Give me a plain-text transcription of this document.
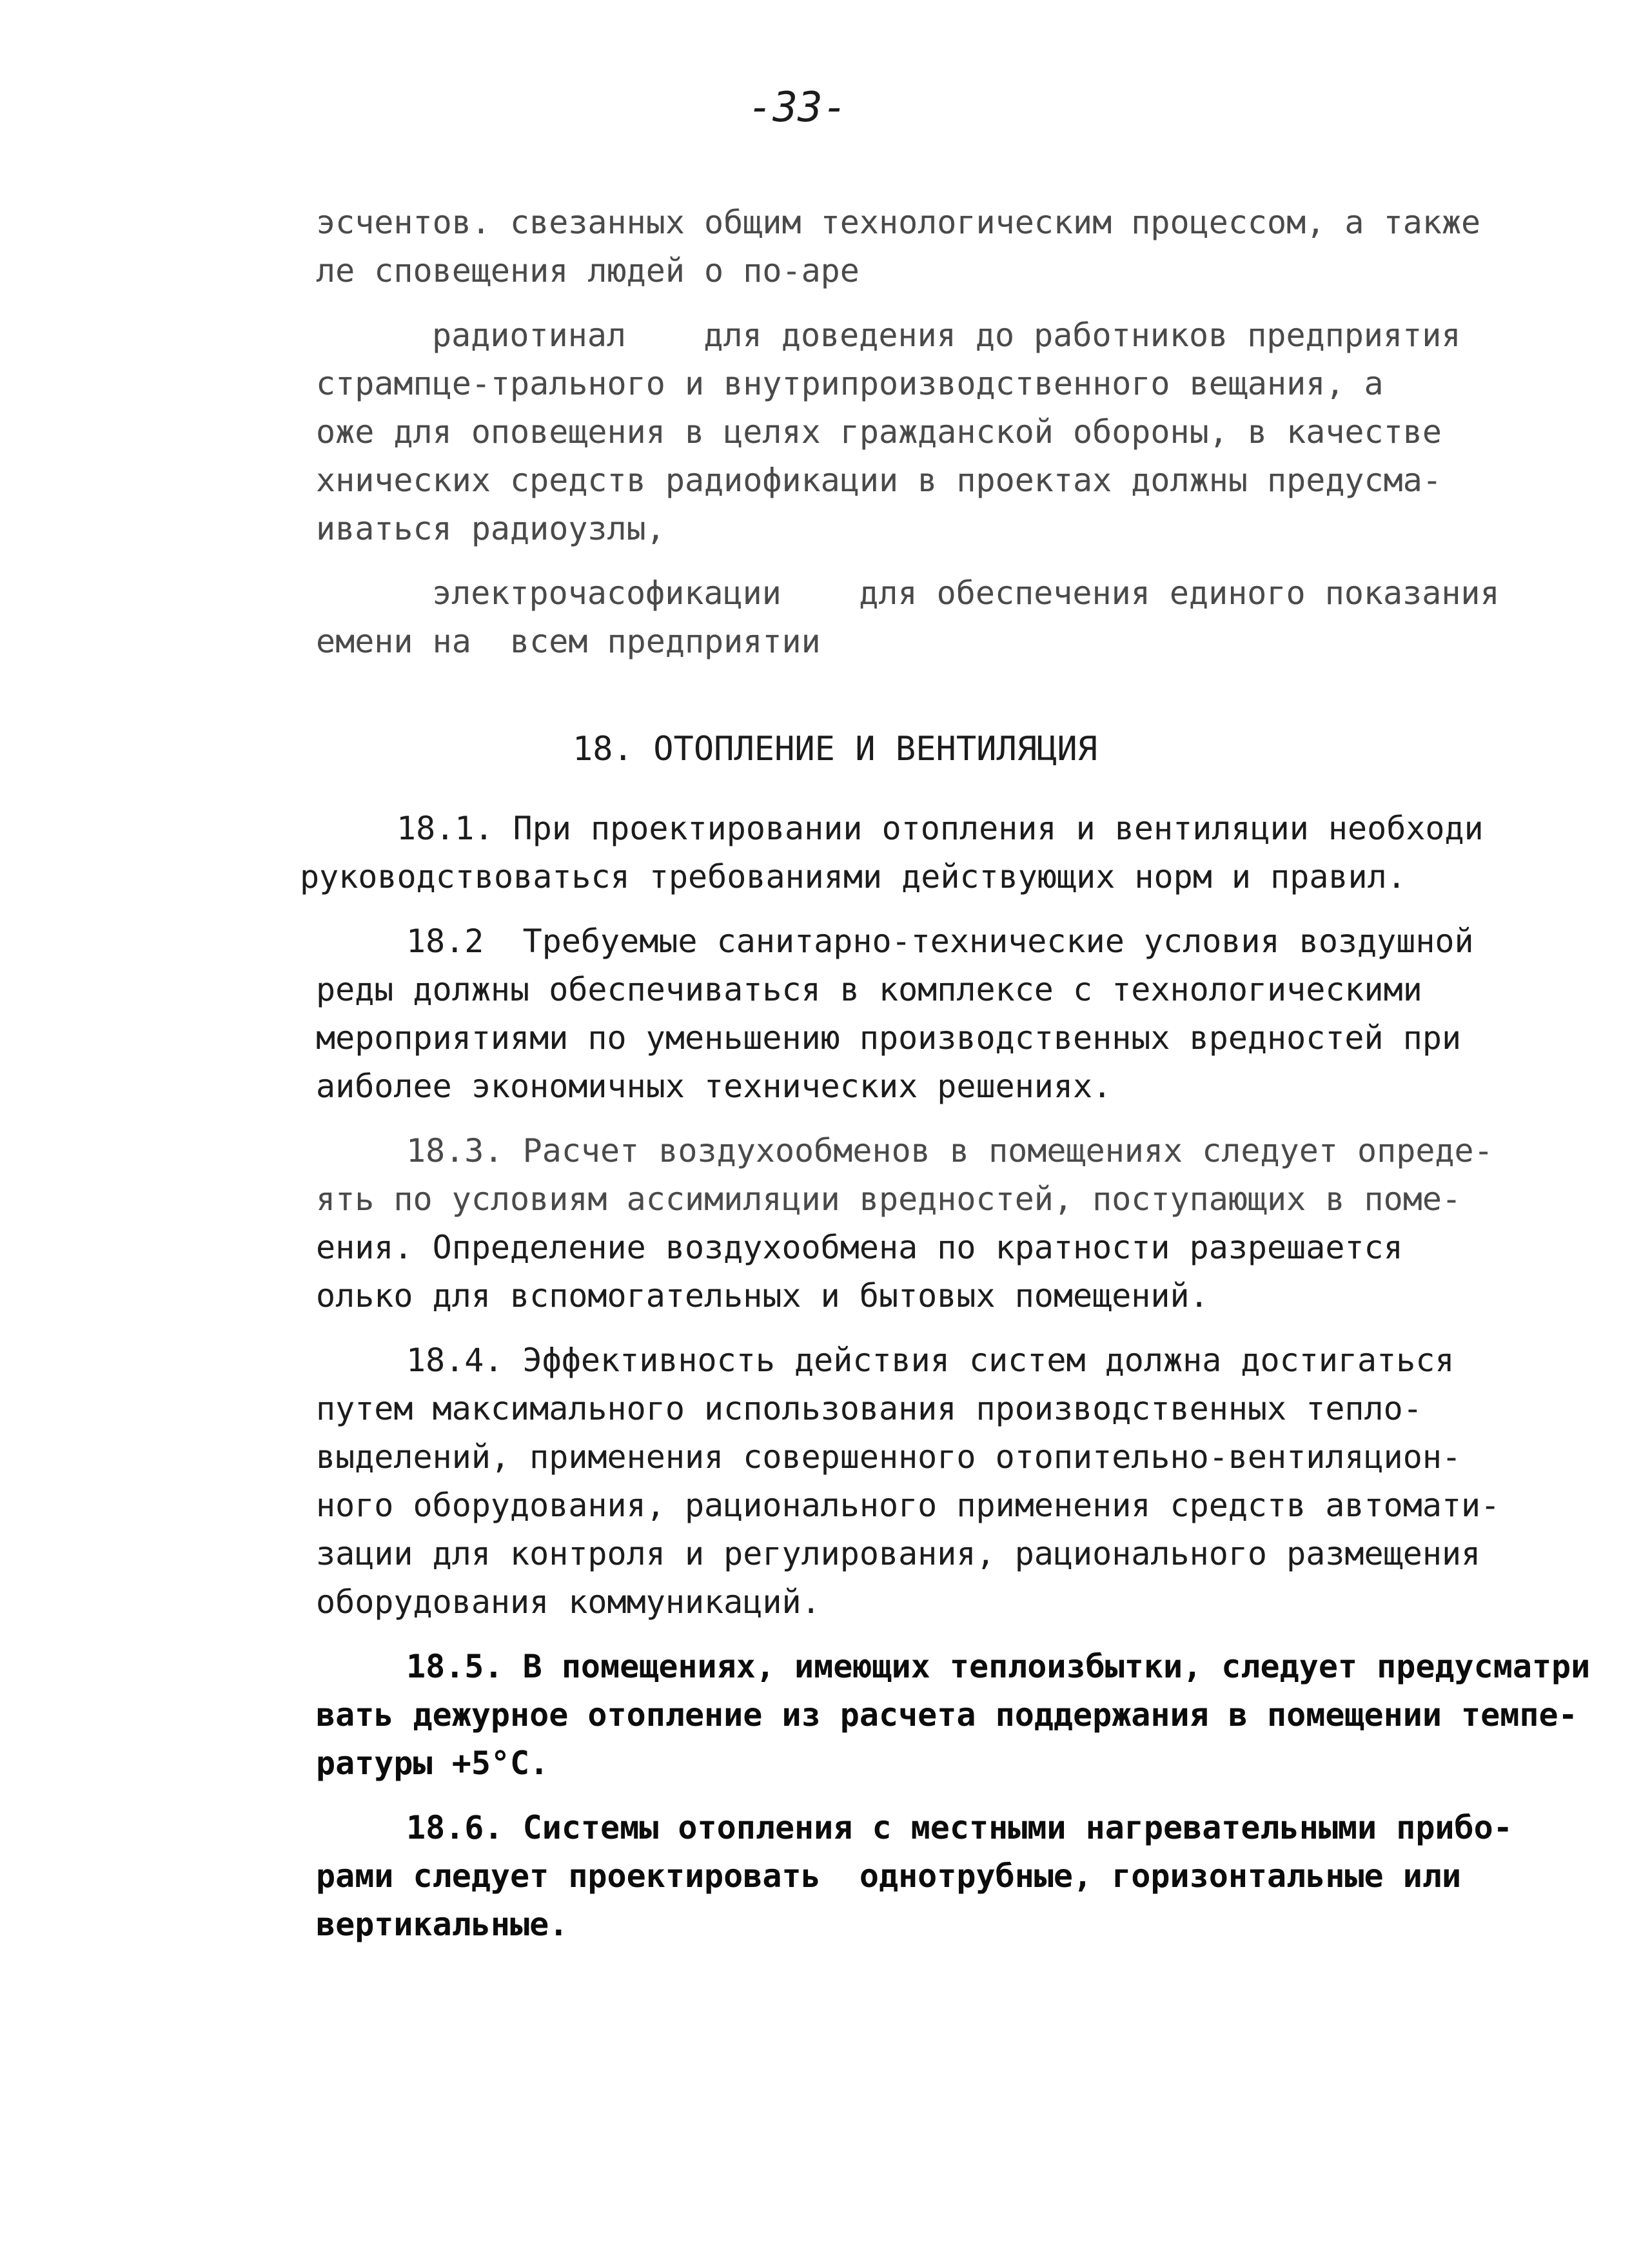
-33-
18. ОТОПЛЕНИЕ И ВЕНТИЛЯЦИЯ
эсчентов. свезанных общим технологическим процессом, а также
ле сповещения людей о по-аре
радиотинал    для доведения до работников предприятия
стрампце-трального и внутрипроизводственного вещания, а
оже для оповещения в целях гражданской обороны, в качестве
хнических средств радиофикации в проектах должны предусма-
иваться радиоузлы,
электрочасофикации    для обеспечения единого показания
емени на  всем предприятии
18.1. При проектировании отопления и вентиляции необходи
руководствоваться требованиями действующих норм и правил.
18.2  Требуемые санитарно-технические условия воздушной
реды должны обеспечиваться в комплексе с технологическими
мероприятиями по уменьшению производственных вредностей при
аиболее экономичных технических решениях.
18.3. Расчет воздухообменов в помещениях следует опреде-
ять по условиям ассимиляции вредностей, поступающих в поме-
ения. Определение воздухообмена по кратности разрешается
олько для вспомогательных и бытовых помещений.
18.4. Эффективность действия систем должна достигаться
путем максимального использования производственных тепло-
выделений, применения совершенного отопительно-вентиляцион-
ного оборудования, рационального применения средств автомати-
зации для контроля и регулирования, рационального размещения
оборудования коммуникаций.
18.5. В помещениях, имеющих теплоизбытки, следует предусматри
вать дежурное отопление из расчета поддержания в помещении темпе-
ратуры +5°С.
18.6. Системы отопления с местными нагревательными прибо-
рами следует проектировать  однотрубные, горизонтальные или
вертикальные.
